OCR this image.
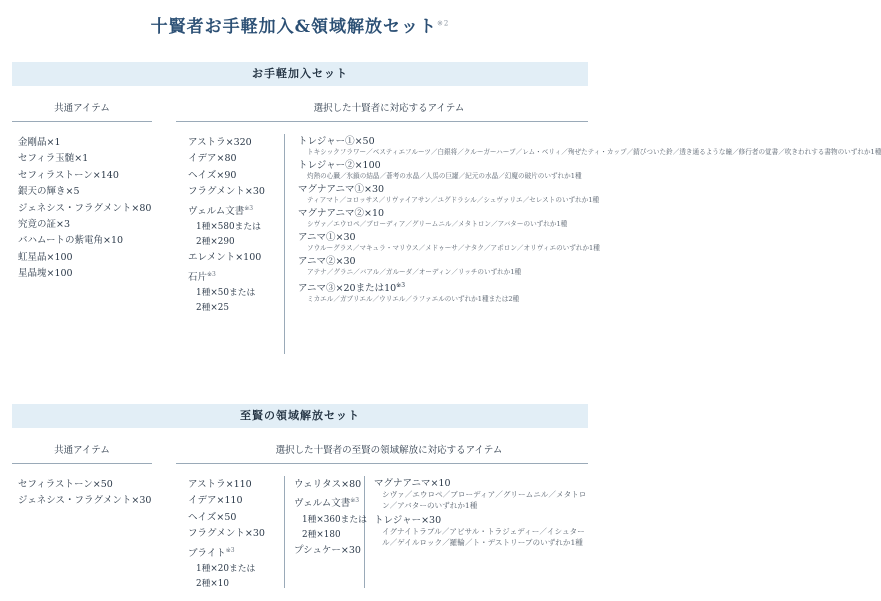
十賢者お手軽加入&領域解放セット$^{※2}$
お手軽加入セット
共通アイテム	選択した十賢者に対応するアイテム
金剛晶×1
セフィラ玉髄×1
セフィラストーン×140
銀天の輝き×5
ジェネシス・フラグメント×80
究竟の証×3
バハムートの紫電角×10
虹星晶×100
星晶塊×100
アストラ×320
イデア×80
ヘイズ×90
フラグメント×30
ヴェルム文書$^{※3}$
1種×580または
2種×290
エレメント×100
石片$^{※3}$
1種×50または
2種×25
トレジャー①×50
トキシックフラワー／ベスティエフルーツ／白銀将／クルーガーハーブ／レム・ベリィ／殉ぜたティ・カップ／錆びついた鈴／透き通るような瞳／修行者の覚書／吹きわれする書物のいずれか1種
トレジャー②×100
灼熱の心臓／氷鎖の結晶／蒼考の水晶／人馬の巨罐／紀元の水晶／幻魔の破片のいずれか1種
マグナアニマ①×30
ティアマト／コロッサス／リヴァイアサン／ユグドラシル／シュヴァリエ／セレストのいずれか1種
マグナアニマ②×10
シヴァ／エウロペ／ブローディア／グリームニル／メタトロン／アバターのいずれか1種
アニマ①×30
ソウルーグラス／マキュラ・マリウス／メドゥーサ／ナタク／アポロン／オリヴィエのいずれか1種
アニマ②×30
アテナ／グラニ／バアル／ガルーダ／オーディン／リッチのいずれか1種
アニマ③×20または10$^{※3}$
ミカエル／ガブリエル／ウリエル／ラファエルのいずれか1種または2種
至賢の領域解放セット
共通アイテム	選択した十賢者の至賢の領域解放に対応するアイテム
セフィラストーン×50
ジェネシス・フラグメント×30
アストラ×110
イデア×110
ヘイズ×50
フラグメント×30
ブライト$^{※3}$
1種×20または
2種×10
ウェリタス×80
ヴェルム文書$^{※3}$
1種×360または
2種×180
プシュケー×30
マグナアニマ×10
シヴァ／エウロペ／ブローディア／グリームニル／メタトロン／アバターのいずれか1種
トレジャー×30
イグナイトラブル／アビサル・トラジェディー／イシュタール／ゲイルロック／羅輪／ト・デストリーブのいずれか1種
